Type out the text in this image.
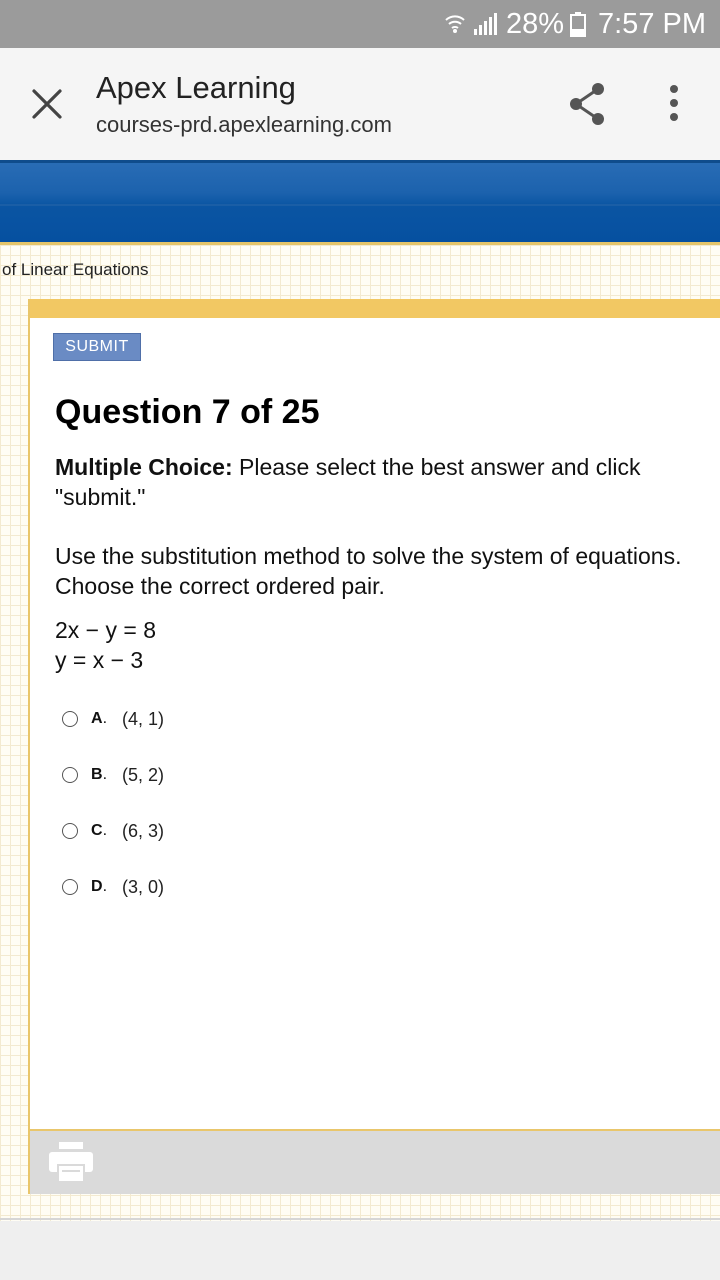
28% 7:57 PM
Apex Learning
courses-prd.apexlearning.com
of Linear Equations
SUBMIT
Question 7 of 25
Multiple Choice: Please select the best answer and click "submit."
Use the substitution method to solve the system of equations. Choose the correct ordered pair.
2x − y = 8
y = x − 3
A. (4, 1)
B. (5, 2)
C. (6, 3)
D. (3, 0)
